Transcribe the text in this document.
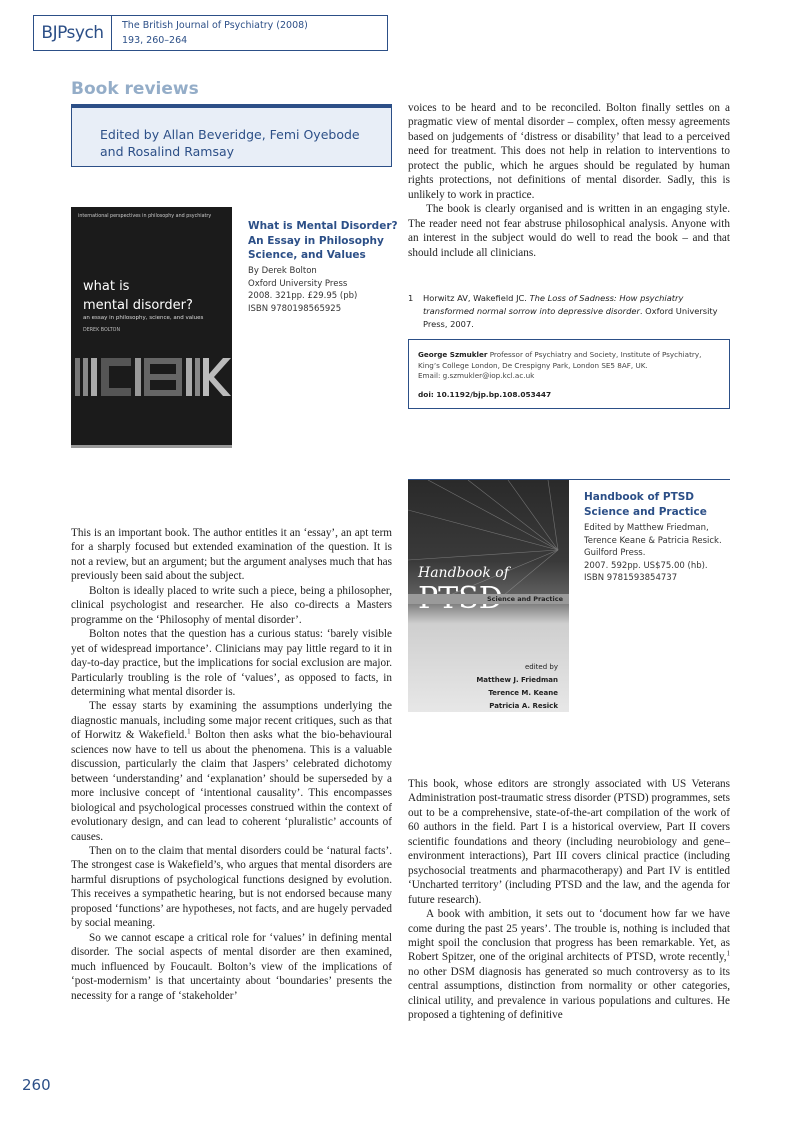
BJPsych	The British Journal of Psychiatry (2008)
193, 260–264
Book reviews
Edited by Allan Beveridge, Femi Oyebode and Rosalind Ramsay
international perspectives in philosophy and psychiatry
what is
mental disorder?
an essay in philosophy, science, and values
DEREK BOLTON
What is Mental Disorder? An Essay in Philosophy Science, and Values
By Derek Bolton
Oxford University Press
2008. 321pp. £29.95 (pb)
ISBN 9780198565925

This is an important book. The author entitles it an ‘essay’, an apt term for a sharply focused but extended examination of the question. It is not a review, but an argument; but the argument analyses much that has previously been said about the subject.

Bolton is ideally placed to write such a piece, being a philosopher, clinical psychologist and researcher. He also co-directs a Masters programme on the ‘Philosophy of mental disorder’.

Bolton notes that the question has a curious status: ‘barely visible yet of widespread importance’. Clinicians may pay little regard to it in day-to-day practice, but the implications for social exclusion are major. Particularly troubling is the role of ‘values’, as opposed to facts, in determining what mental disorder is.

The essay starts by examining the assumptions underlying the diagnostic manuals, including some major recent critiques, such as that of Horwitz & Wakefield.$^1$ Bolton then asks what the bio-behavioural sciences now have to tell us about the phenomena. This is a valuable discussion, particularly the claim that Jaspers’ celebrated dichotomy between ‘understanding’ and ‘explanation’ should be superseded by a more inclusive concept of ‘intentional causality’. This encompasses biological and psychological processes construed within the context of evolutionary design, and can lead to coherent ‘pluralistic’ accounts of causes.

Then on to the claim that mental disorders could be ‘natural facts’. The strongest case is Wakefield’s, who argues that mental disorders are harmful disruptions of psychological functions designed by evolution. This receives a sympathetic hearing, but is not endorsed because many proposed ‘functions’ are hypotheses, not facts, and are hugely pervaded by social meaning.

So we cannot escape a critical role for ‘values’ in defining mental disorder. The social aspects of mental disorder are then examined, much influenced by Foucault. Bolton’s view of the implications of ‘post-modernism’ is that uncertainty about ‘boundaries’ presents the necessity for a range of ‘stakeholder’

voices to be heard and to be reconciled. Bolton finally settles on a pragmatic view of mental disorder – complex, often messy agreements based on judgements of ‘distress or disability’ that lead to a perceived need for treatment. This does not help in relation to interventions to protect the public, which he argues should be regulated by human rights protections, not definitions of mental disorder. Sadly, this is unlikely to work in practice.

The book is clearly organised and is written in an engaging style. The reader need not fear abstruse philosophical analysis. Anyone with an interest in the subject would do well to read the book – and that should include all clinicians.

1	Horwitz AV, Wakefield JC. The Loss of Sadness: How psychiatry transformed normal sorrow into depressive disorder. Oxford University Press, 2007.
George Szmukler Professor of Psychiatry and Society, Institute of Psychiatry, King’s College London, De Crespigny Park, London SE5 8AF, UK.
Email: g.szmukler@iop.kcl.ac.uk
doi: 10.1192/bjp.bp.108.053447
Handbook of
Science and Practice
edited by
Matthew J. Friedman
Terence M. Keane
Patricia A. Resick
Handbook of PTSD Science and Practice
Edited by Matthew Friedman, Terence Keane & Patricia Resick.
Guilford Press.
2007. 592pp. US$75.00 (hb).
ISBN 9781593854737

This book, whose editors are strongly associated with US Veterans Administration post-traumatic stress disorder (PTSD) programmes, sets out to be a comprehensive, state-of-the-art compilation of the work of 60 authors in the field. Part I is a historical overview, Part II covers scientific foundations and theory (including neurobiology and gene–environment interactions), Part III covers clinical practice (including psychosocial treatments and pharmacotherapy) and Part IV is entitled ‘Uncharted territory’ (including PTSD and the law, and the agenda for future research).

A book with ambition, it sets out to ‘document how far we have come during the past 25 years’. The trouble is, nothing is included that might spoil the conclusion that progress has been remarkable. Yet, as Robert Spitzer, one of the original architects of PTSD, wrote recently,$^1$ no other DSM diagnosis has generated so much controversy as to its central assumptions, distinction from normality or other categories, clinical utility, and prevalence in various populations and cultures. He proposed a tightening of definitive

260
